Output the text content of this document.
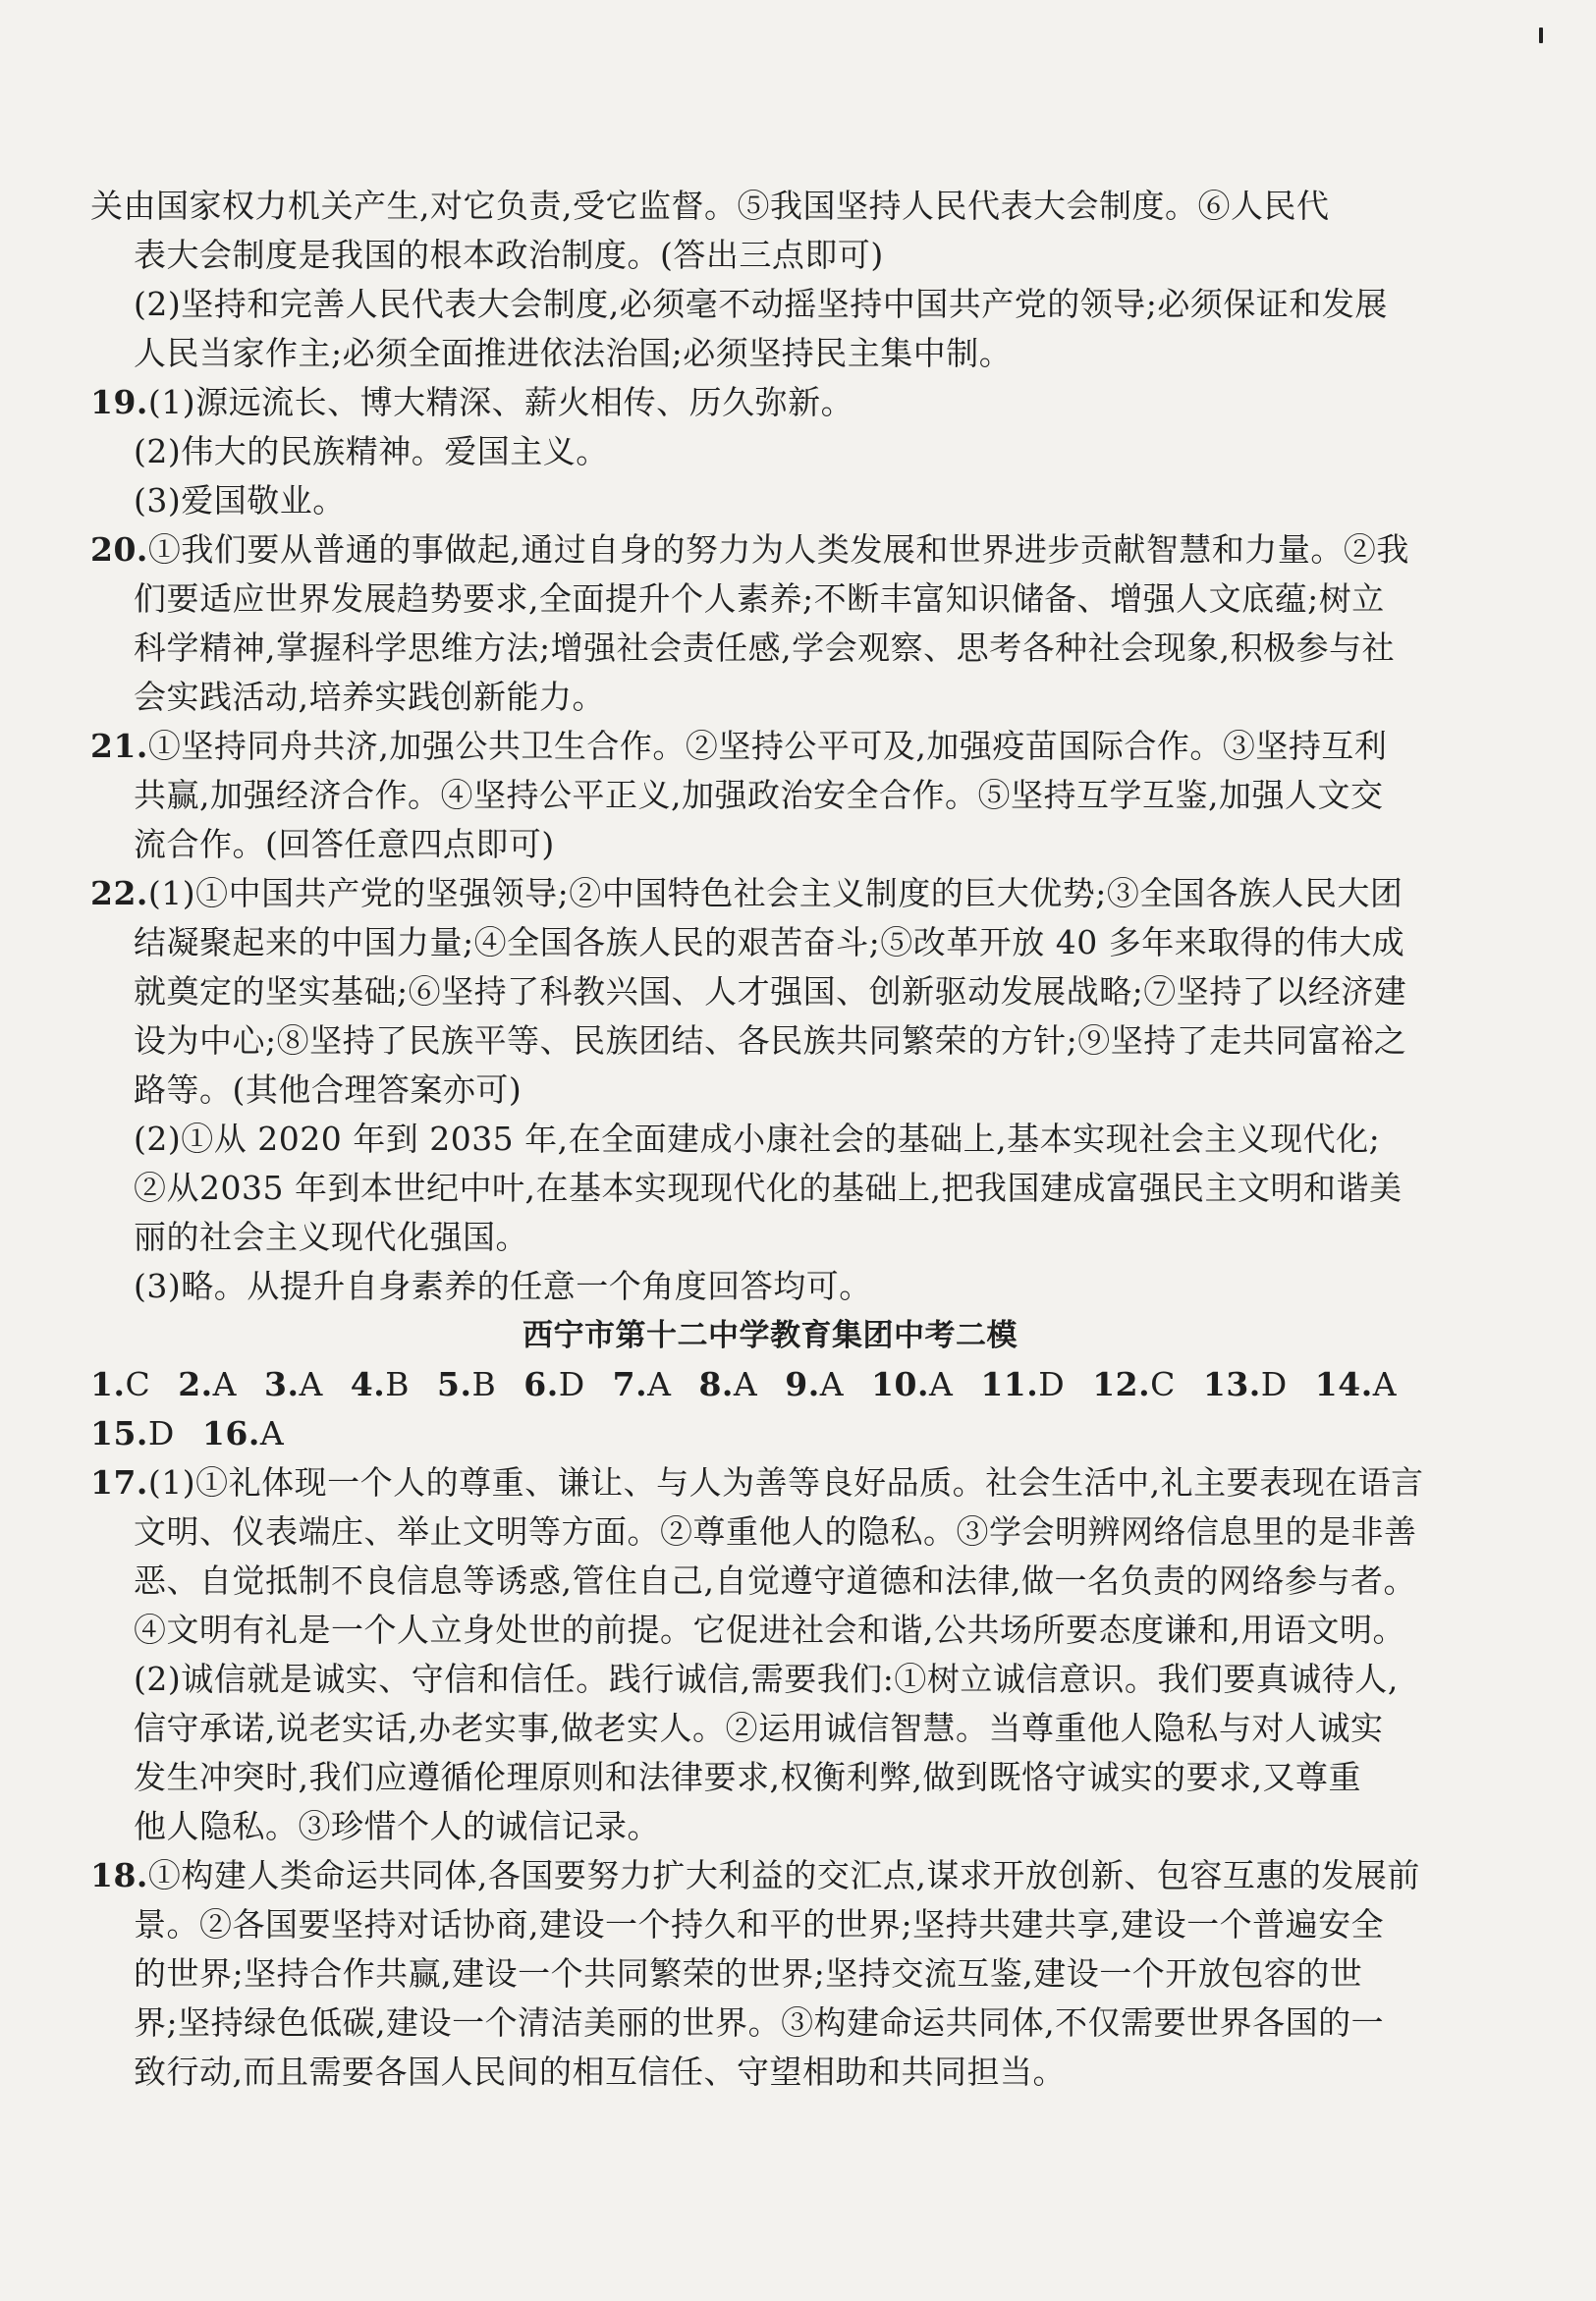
关由国家权力机关产生,对它负责,受它监督。⑤我国坚持人民代表大会制度。⑥人民代
表大会制度是我国的根本政治制度。(答出三点即可)
(2)坚持和完善人民代表大会制度,必须毫不动摇坚持中国共产党的领导;必须保证和发展
人民当家作主;必须全面推进依法治国;必须坚持民主集中制。
19.(1)源远流长、博大精深、薪火相传、历久弥新。
(2)伟大的民族精神。爱国主义。
(3)爱国敬业。
20.①我们要从普通的事做起,通过自身的努力为人类发展和世界进步贡献智慧和力量。②我
们要适应世界发展趋势要求,全面提升个人素养;不断丰富知识储备、增强人文底蕴;树立
科学精神,掌握科学思维方法;增强社会责任感,学会观察、思考各种社会现象,积极参与社
会实践活动,培养实践创新能力。
21.①坚持同舟共济,加强公共卫生合作。②坚持公平可及,加强疫苗国际合作。③坚持互利
共赢,加强经济合作。④坚持公平正义,加强政治安全合作。⑤坚持互学互鉴,加强人文交
流合作。(回答任意四点即可)
22.(1)①中国共产党的坚强领导;②中国特色社会主义制度的巨大优势;③全国各族人民大团
结凝聚起来的中国力量;④全国各族人民的艰苦奋斗;⑤改革开放 40 多年来取得的伟大成
就奠定的坚实基础;⑥坚持了科教兴国、人才强国、创新驱动发展战略;⑦坚持了以经济建
设为中心;⑧坚持了民族平等、民族团结、各民族共同繁荣的方针;⑨坚持了走共同富裕之
路等。(其他合理答案亦可)
(2)①从 2020 年到 2035 年,在全面建成小康社会的基础上,基本实现社会主义现代化;
②从2035 年到本世纪中叶,在基本实现现代化的基础上,把我国建成富强民主文明和谐美
丽的社会主义现代化强国。
(3)略。从提升自身素养的任意一个角度回答均可。
西宁市第十二中学教育集团中考二模
1.C 2.A 3.A 4.B 5.B 6.D 7.A 8.A 9.A 10.A 11.D 12.C 13.D 14.A
15.D 16.A
17.(1)①礼体现一个人的尊重、谦让、与人为善等良好品质。社会生活中,礼主要表现在语言
文明、仪表端庄、举止文明等方面。②尊重他人的隐私。③学会明辨网络信息里的是非善
恶、自觉抵制不良信息等诱惑,管住自己,自觉遵守道德和法律,做一名负责的网络参与者。
④文明有礼是一个人立身处世的前提。它促进社会和谐,公共场所要态度谦和,用语文明。
(2)诚信就是诚实、守信和信任。践行诚信,需要我们:①树立诚信意识。我们要真诚待人,
信守承诺,说老实话,办老实事,做老实人。②运用诚信智慧。当尊重他人隐私与对人诚实
发生冲突时,我们应遵循伦理原则和法律要求,权衡利弊,做到既恪守诚实的要求,又尊重
他人隐私。③珍惜个人的诚信记录。
18.①构建人类命运共同体,各国要努力扩大利益的交汇点,谋求开放创新、包容互惠的发展前
景。②各国要坚持对话协商,建设一个持久和平的世界;坚持共建共享,建设一个普遍安全
的世界;坚持合作共赢,建设一个共同繁荣的世界;坚持交流互鉴,建设一个开放包容的世
界;坚持绿色低碳,建设一个清洁美丽的世界。③构建命运共同体,不仅需要世界各国的一
致行动,而且需要各国人民间的相互信任、守望相助和共同担当。
